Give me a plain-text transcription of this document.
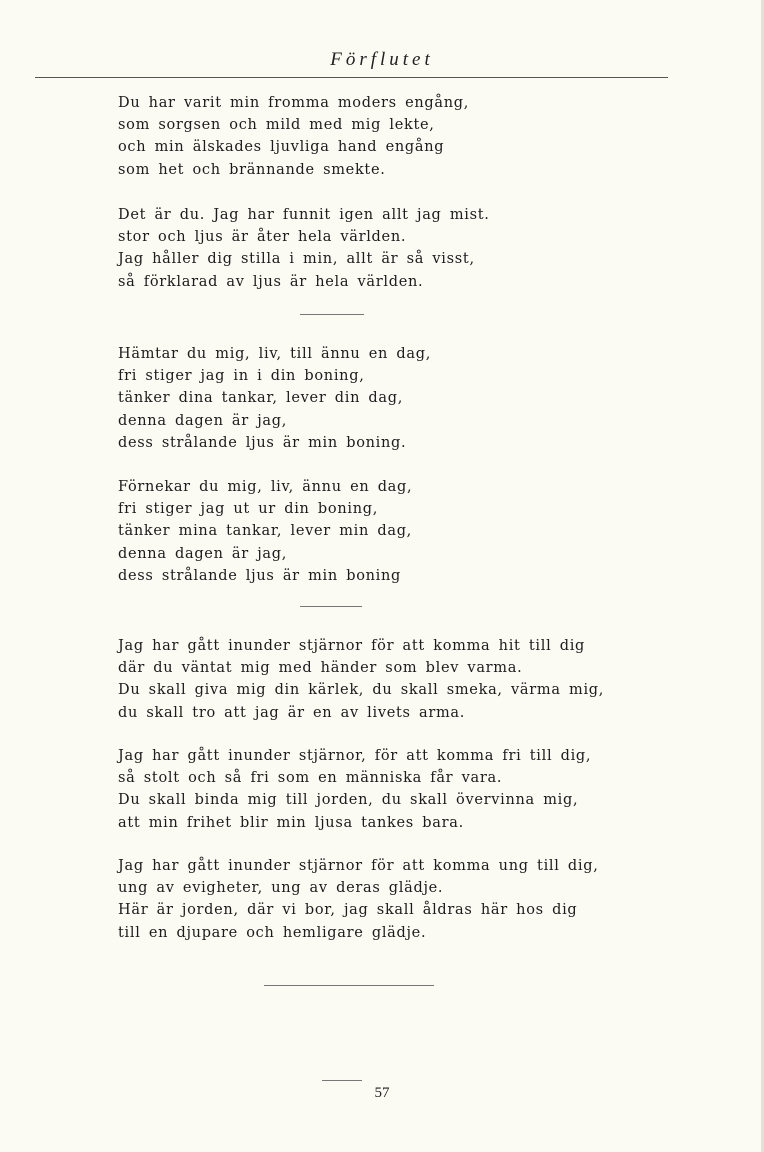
Förflutet
Du har varit min fromma moders engång,
som sorgsen och mild med mig lekte,
och min älskades ljuvliga hand engång
som het och brännande smekte.
Det är du. Jag har funnit igen allt jag mist.
stor och ljus är åter hela världen.
Jag håller dig stilla i min, allt är så visst,
så förklarad av ljus är hela världen.
Hämtar du mig, liv, till ännu en dag,
fri stiger jag in i din boning,
tänker dina tankar, lever din dag,
denna dagen är jag,
dess strålande ljus är min boning.
Förnekar du mig, liv, ännu en dag,
fri stiger jag ut ur din boning,
tänker mina tankar, lever min dag,
denna dagen är jag,
dess strålande ljus är min boning
Jag har gått inunder stjärnor för att komma hit till dig
där du väntat mig med händer som blev varma.
Du skall giva mig din kärlek, du skall smeka, värma mig,
du skall tro att jag är en av livets arma.
Jag har gått inunder stjärnor, för att komma fri till dig,
så stolt och så fri som en människa får vara.
Du skall binda mig till jorden, du skall övervinna mig,
att min frihet blir min ljusa tankes bara.
Jag har gått inunder stjärnor för att komma ung till dig,
ung av evigheter, ung av deras glädje.
Här är jorden, där vi bor, jag skall åldras här hos dig
till en djupare och hemligare glädje.
57
